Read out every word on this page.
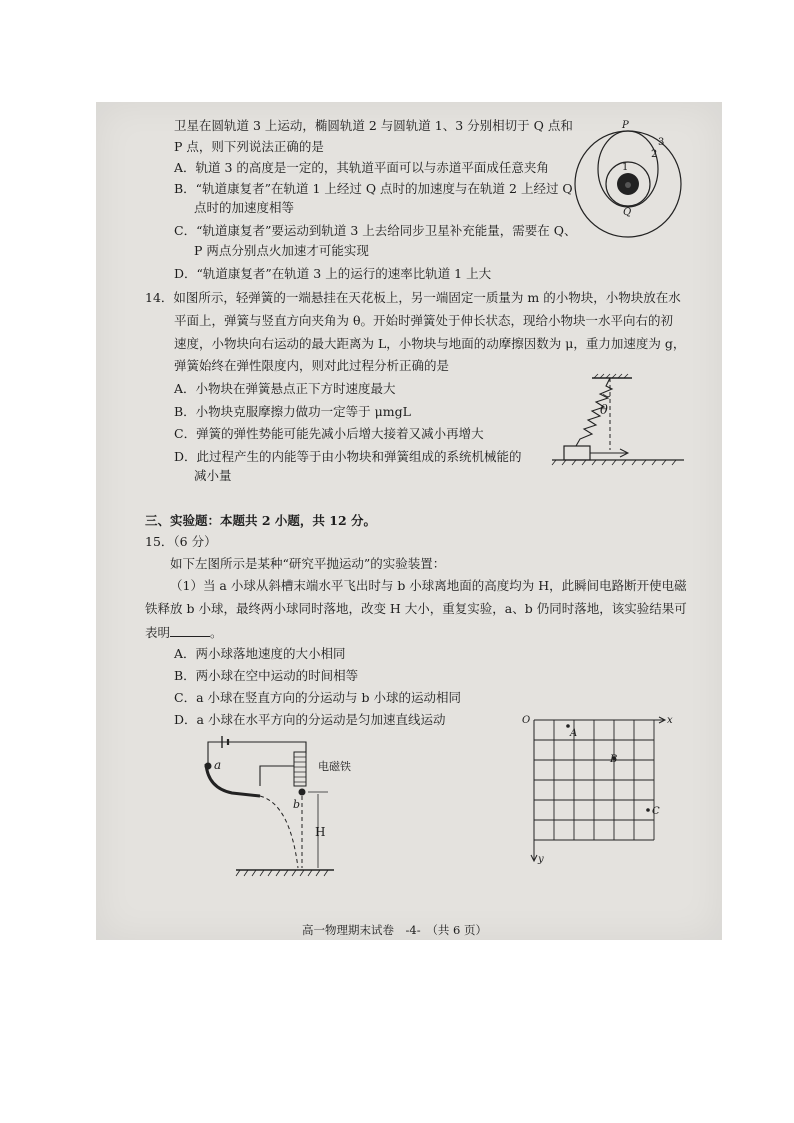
卫星在圆轨道 3 上运动，椭圆轨道 2 与圆轨道 1、3 分别相切于 Q 点和
P 点，则下列说法正确的是
A．轨道 3 的高度是一定的，其轨道平面可以与赤道平面成任意夹角
B．“轨道康复者”在轨道 1 上经过 Q 点时的加速度与在轨道 2 上经过 Q
点时的加速度相等
C．“轨道康复者”要运动到轨道 3 上去给同步卫星补充能量，需要在 Q、
P 两点分别点火加速才可能实现
D．“轨道康复者”在轨道 3 上的运行的速率比轨道 1 上大
P
Q
1
2
3
14．如图所示，轻弹簧的一端悬挂在天花板上，另一端固定一质量为 m 的小物块，小物块放在水
平面上，弹簧与竖直方向夹角为 θ。开始时弹簧处于伸长状态，现给小物块一水平向右的初
速度，小物块向右运动的最大距离为 L，小物块与地面的动摩擦因数为 μ，重力加速度为 g，
弹簧始终在弹性限度内，则对此过程分析正确的是
A．小物块在弹簧悬点正下方时速度最大
B．小物块克服摩擦力做功一定等于 μmgL
C．弹簧的弹性势能可能先减小后增大接着又减小再增大
D．此过程产生的内能等于由小物块和弹簧组成的系统机械能的
减小量
θ
三、实验题：本题共 2 小题，共 12 分。
15．（6 分）
如下左图所示是某种“研究平抛运动”的实验装置：
（1）当 a 小球从斜槽末端水平飞出时与 b 小球离地面的高度均为 H，此瞬间电路断开使电磁
铁释放 b 小球，最终两小球同时落地，改变 H 大小，重复实验，a、b 仍同时落地，该实验结果可
表明	。
A．两小球落地速度的大小相同
B．两小球在空中运动的时间相等
C．a 小球在竖直方向的分运动与 b 小球的运动相同
D．a 小球在水平方向的分运动是匀加速直线运动
电磁铁
a
b
H
O	x
y
A
B
C
高一物理期末试卷　-4-　（共 6 页）
